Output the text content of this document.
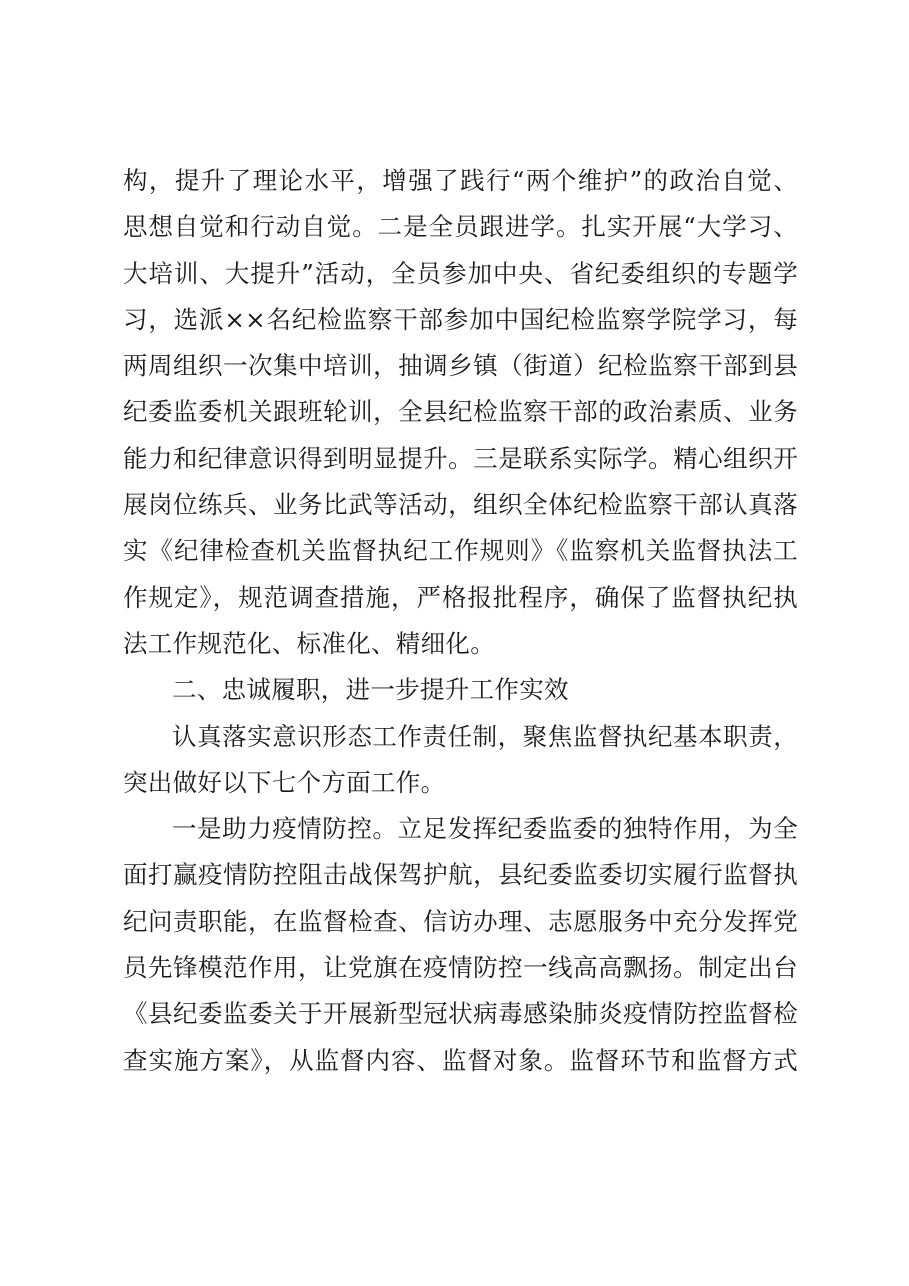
构，提升了理论水平，增强了践行“两个维护”的政治自觉、
思想自觉和行动自觉。二是全员跟进学。扎实开展“大学习、
大培训、大提升”活动，全员参加中央、省纪委组织的专题学
习，选派××名纪检监察干部参加中国纪检监察学院学习，每
两周组织一次集中培训，抽调乡镇（街道）纪检监察干部到县
纪委监委机关跟班轮训，全县纪检监察干部的政治素质、业务
能力和纪律意识得到明显提升。三是联系实际学。精心组织开
展岗位练兵、业务比武等活动，组织全体纪检监察干部认真落
实《纪律检查机关监督执纪工作规则》《监察机关监督执法工
作规定》，规范调查措施，严格报批程序，确保了监督执纪执
法工作规范化、标准化、精细化。
二、忠诚履职，进一步提升工作实效
认真落实意识形态工作责任制，聚焦监督执纪基本职责，
突出做好以下七个方面工作。
一是助力疫情防控。立足发挥纪委监委的独特作用，为全
面打赢疫情防控阻击战保驾护航，县纪委监委切实履行监督执
纪问责职能，在监督检查、信访办理、志愿服务中充分发挥党
员先锋模范作用，让党旗在疫情防控一线高高飘扬。制定出台
《县纪委监委关于开展新型冠状病毒感染肺炎疫情防控监督检
查实施方案》，从监督内容、监督对象。监督环节和监督方式
